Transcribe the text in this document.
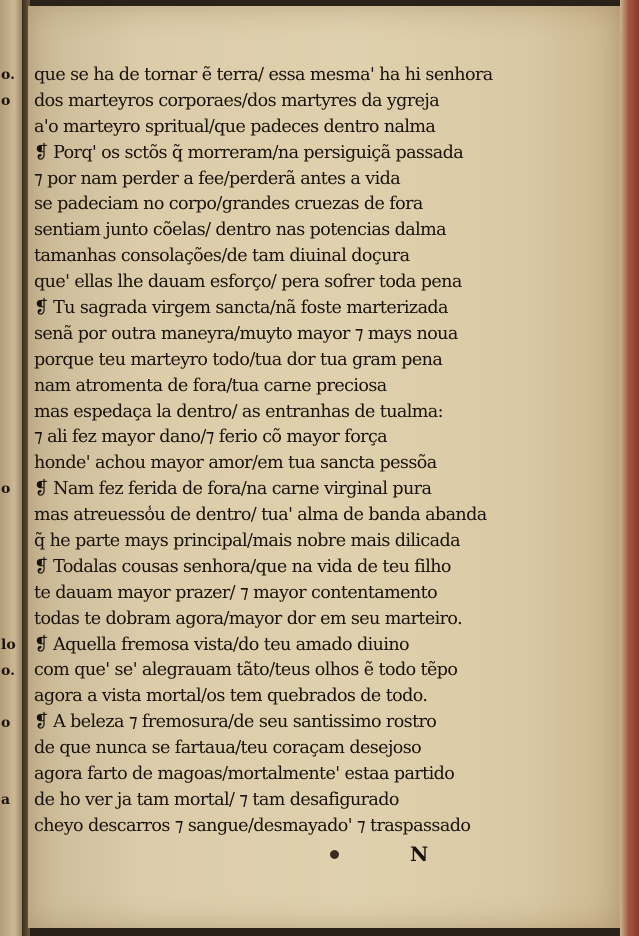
o.
o
o
lo
o.
o
a
que se ha de tornar ẽ terra/ essa mesma' ha hi senhora
dos marteyros corporaes/dos martyres da ygreja
a'o marteyro spritual/que padeces dentro nalma
❡ Porq' os sctõs q̃ morreram/na persiguiçã passada
⁊ por nam perder a fee/perderã antes a vida
se padeciam no corpo/grandes cruezas de fora
sentiam junto cõelas/ dentro nas potencias dalma
tamanhas consolações/de tam diuinal doçura
que' ellas lhe dauam esforço/ pera sofrer toda pena
❡ Tu sagrada virgem sancta/nã foste marterizada
senã por outra maneyra/muyto mayor ⁊ mays noua
porque teu marteyro todo/tua dor tua gram pena
nam atromenta de fora/tua carne preciosa
mas espedaça la dentro/ as entranhas de tualma:
⁊ ali fez mayor dano/⁊ ferio cõ mayor força
honde' achou mayor amor/em tua sancta pessõa
❡ Nam fez ferida de fora/na carne virginal pura
mas atreuesso̾u de dentro/ tua' alma de banda abanda
q̃ he parte mays principal/mais nobre mais dilicada
❡ Todalas cousas senhora/que na vida de teu filho
te dauam mayor prazer/ ⁊ mayor contentamento
todas te dobram agora/mayor dor em seu marteiro.
❡ Aquella fremosa vista/do teu amado diuino
com que' se' alegrauam tãto/teus olhos ẽ todo tẽpo
agora a vista mortal/os tem quebrados de todo.
❡ A beleza ⁊ fremosura/de seu santissimo rostro
de que nunca se fartaua/teu coraçam desejoso
agora farto de magoas/mortalmente' estaa partido
de ho ver ja tam mortal/ ⁊ tam desafigurado
cheyo descarros ⁊ sangue/desmayado' ⁊ traspassado
N
